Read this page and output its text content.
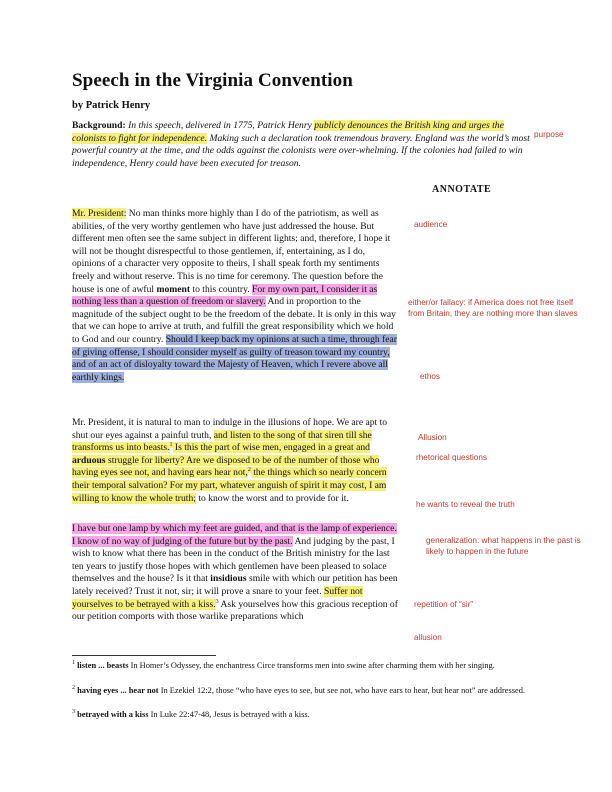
Speech in the Virginia Convention
by Patrick Henry
Background: In this speech, delivered in 1775, Patrick Henry publicly denounces the British king and urges the colonists to fight for independence. Making such a declaration took tremendous bravery. England was the world’s most powerful country at the time, and the odds against the colonists were over-whelming. If the colonies had failed to win independence, Henry could have been executed for treason.
ANNOTATE
Mr. President: No man thinks more highly than I do of the patriotism, as well as abilities, of the very worthy gentlemen who have just addressed the house. But different men often see the same subject in different lights; and, therefore, I hope it will not be thought disrespectful to those gentlemen, if, entertaining, as I do, opinions of a character very opposite to theirs, I shall speak forth my sentiments freely and without reserve. This is no time for ceremony. The question before the house is one of awful moment to this country. For my own part, I consider it as nothing less than a question of freedom or slavery. And in proportion to the magnitude of the subject ought to be the freedom of the debate. It is only in this way that we can hope to arrive at truth, and fulfill the great responsibility which we hold to God and our country. Should I keep back my opinions at such a time, through fear of giving offense, I should consider myself as guilty of treason toward my country, and of an act of disloyalty toward the Majesty of Heaven, which I revere above all earthly kings.
Mr. President, it is natural to man to indulge in the illusions of hope. We are apt to shut our eyes against a painful truth, and listen to the song of that siren till she transforms us into beasts.$^1$ Is this the part of wise men, engaged in a great and arduous struggle for liberty? Are we disposed to be of the number of those who having eyes see not, and having ears hear not,$^2$ the things which so nearly concern their temporal salvation? For my part, whatever anguish of spirit it may cost, I am willing to know the whole truth; to know the worst and to provide for it.
I have but one lamp by which my feet are guided, and that is the lamp of experience. I know of no way of judging of the future but by the past. And judging by the past, I wish to know what there has been in the conduct of the British ministry for the last ten years to justify those hopes with which gentlemen have been pleased to solace themselves and the house? Is it that insidious smile with which our petition has been lately received? Trust it not, sir; it will prove a snare to your feet. Suffer not yourselves to be betrayed with a kiss.$^3$ Ask yourselves how this gracious reception of our petition comports with those warlike preparations which
purpose
audience
either/or fallacy: if America does not free itself from Britain, they are nothing more than slaves
ethos
Allusion
rhetorical questions
he wants to reveal the truth
generalization: what happens in the past is likely to happen in the future
repetition of “sir”
allusion
$^1$ listen ... beasts In Homer’s Odyssey, the enchantress Circe transforms men into swine after charming them with her singing.
$^2$ having eyes ... hear not In Ezekiel 12:2, those “who have eyes to see, but see not, who have ears to hear, but hear not” are addressed.
$^3$ betrayed with a kiss In Luke 22:47-48, Jesus is betrayed with a kiss.
